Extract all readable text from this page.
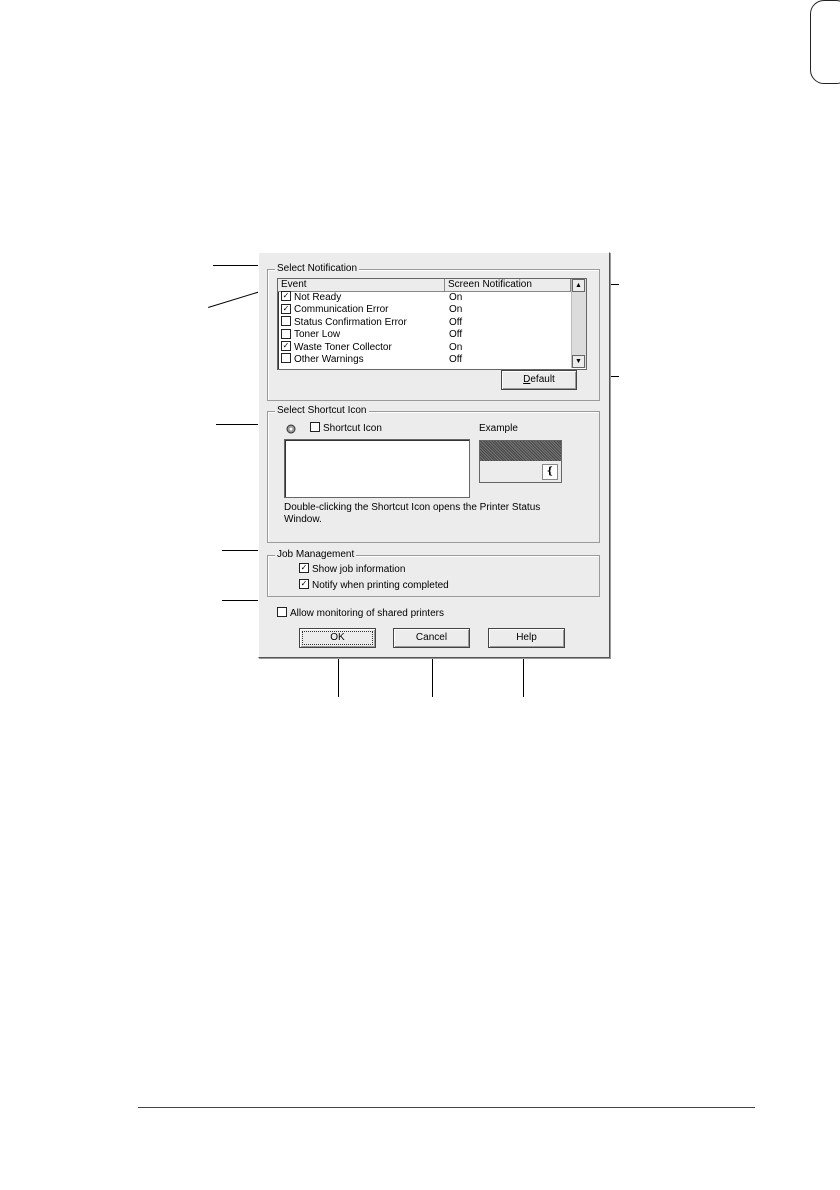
Select Notification
Event	Screen Notification
✓ Not Ready	On
✓ Communication Error	On
Status Confirmation Error	Off
Toner Low	Off
✓ Waste Toner Collector	On
Other Warnings	Off
▲
▼
Default
Select Shortcut Icon
Shortcut Icon	Example
❴
Double-clicking the Shortcut Icon opens the Printer Status Window.
Job Management
✓ Show job information
✓ Notify when printing completed
Allow monitoring of shared printers
OK	Cancel	Help
